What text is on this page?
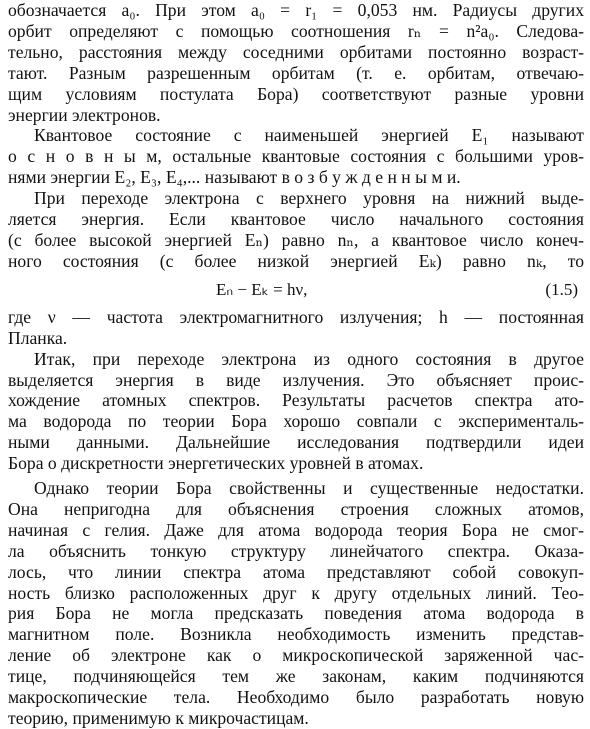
обозначается a₀. При этом a₀ = r₁ = 0,053 нм. Радиусы других
орбит определяют с помощью соотношения rₙ = n²a₀. Следова-
тельно, расстояния между соседними орбитами постоянно возраст-
тают. Разным разрешенным орбитам (т. е. орбитам, отвечаю-
щим условиям постулата Бора) соответствуют разные уровни
энергии электронов.
Квантовое состояние с наименьшей энергией E₁ называют
о с н о в н ы м, остальные квантовые состояния с большими уров-
нями энергии E₂, E₃, E₄,... называют в о з б у ж д е н н ы м и.
При переходе электрона с верхнего уровня на нижний выде-
ляется энергия. Если квантовое число начального состояния
(с более высокой энергией Eₙ) равно nₙ, а квантовое число конеч-
ного состояния (с более низкой энергией Eₖ) равно nₖ, то
Eₙ − Eₖ = hν,	(1.5)
где ν — частота электромагнитного излучения; h — постоянная
Планка.
Итак, при переходе электрона из одного состояния в другое
выделяется энергия в виде излучения. Это объясняет проис-
хождение атомных спектров. Результаты расчетов спектра ато-
ма водорода по теории Бора хорошо совпали с эксперименталь-
ными данными. Дальнейшие исследования подтвердили идеи
Бора о дискретности энергетических уровней в атомах.
Однако теории Бора свойственны и существенные недостатки.
Она непригодна для объяснения строения сложных атомов,
начиная с гелия. Даже для атома водорода теория Бора не смог-
ла объяснить тонкую структуру линейчатого спектра. Оказа-
лось, что линии спектра атома представляют собой совокуп-
ность близко расположенных друг к другу отдельных линий. Тео-
рия Бора не могла предсказать поведения атома водорода в
магнитном поле. Возникла необходимость изменить представ-
ление об электроне как о микроскопической заряженной час-
тице, подчиняющейся тем же законам, каким подчиняются
макроскопические тела. Необходимо было разработать новую
теорию, применимую к микрочастицам.
